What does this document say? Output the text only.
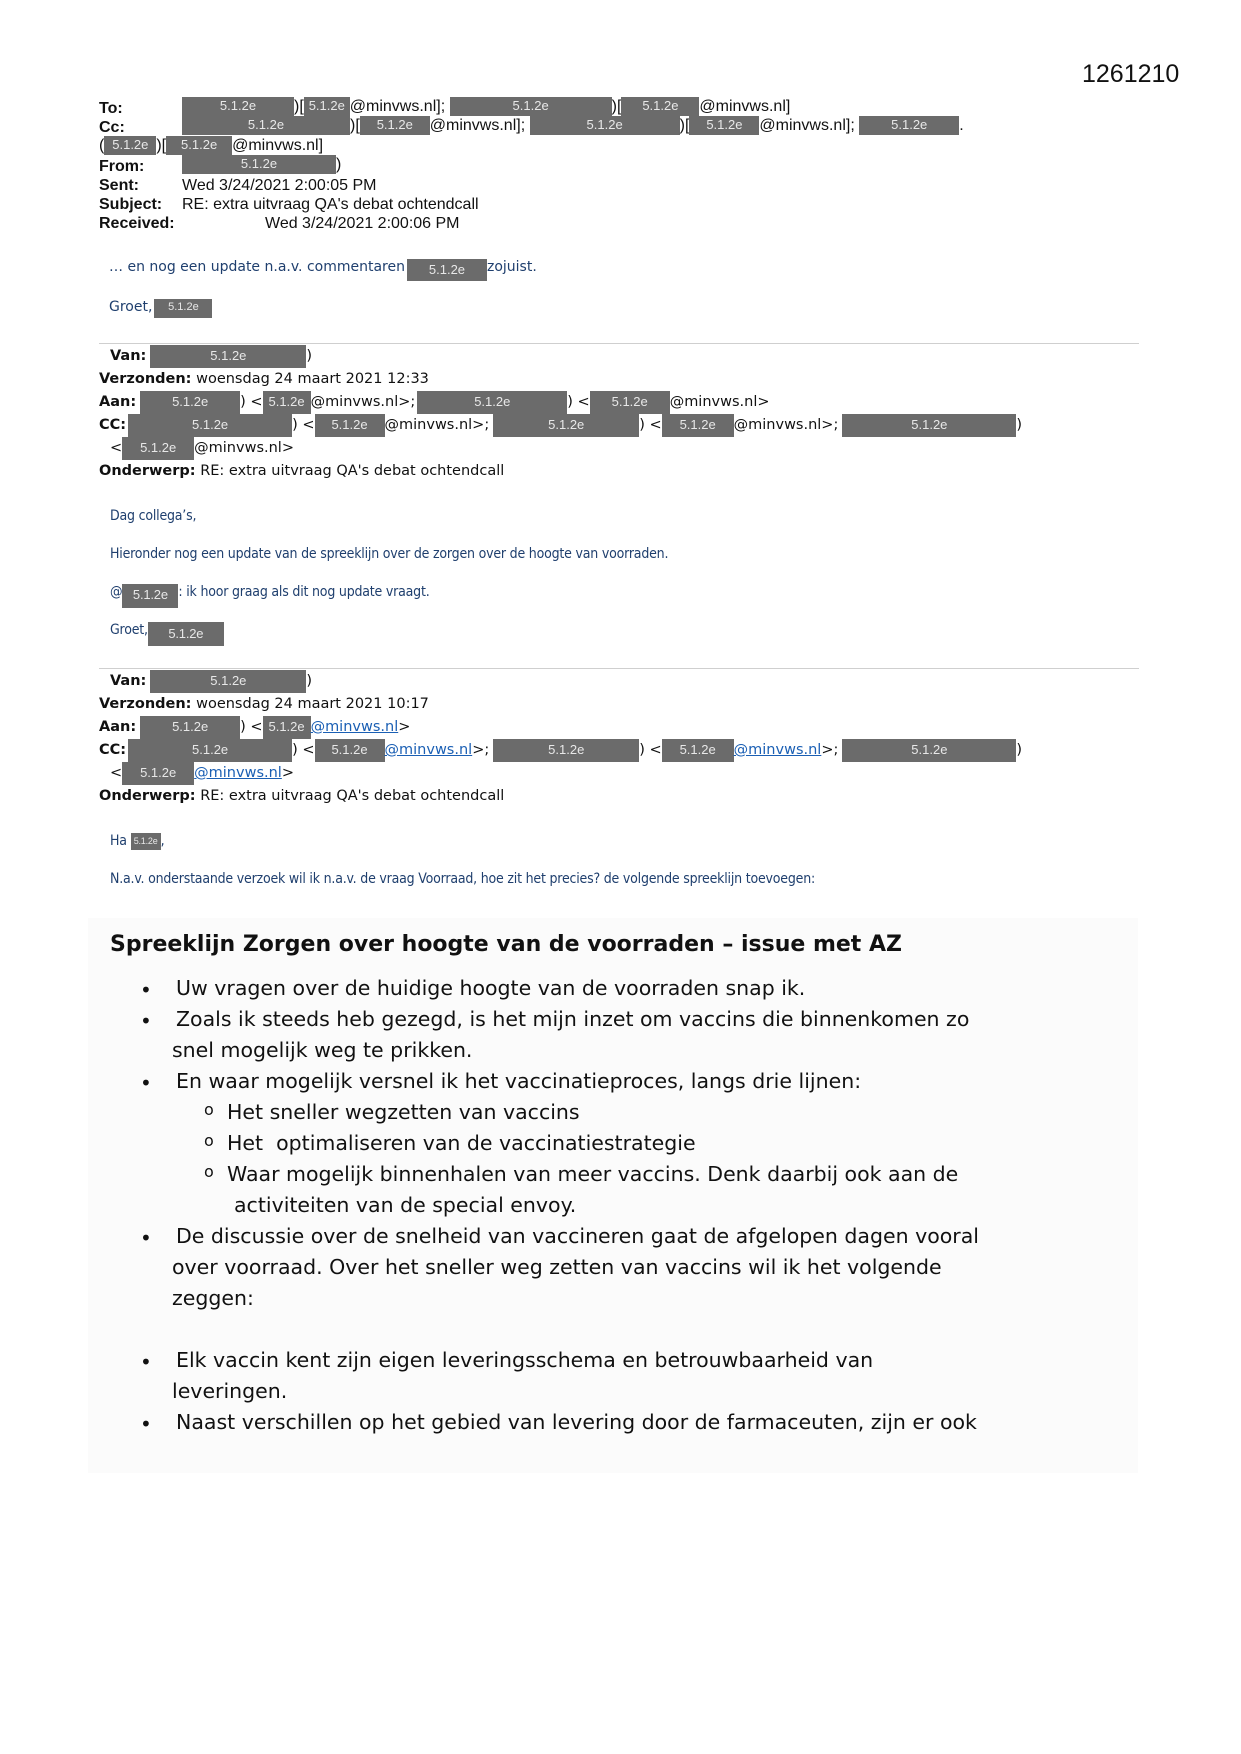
1261210
To:	5.1.2e )[ 5.1.2e @minvws.nl];	5.1.2e	)[ 5.1.2e @minvws.nl]
Cc:	5.1.2e	)[ 5.1.2e @minvws.nl];	5.1.2e	)[ 5.1.2e @minvws.nl];	5.1.2e .
( 5.1.2e )[ 5.1.2e @minvws.nl]
From:	5.1.2e	)
Sent:	Wed 3/24/2021 2:00:05 PM
Subject: RE: extra uitvraag QA's debat ochtendcall
Received:	Wed 3/24/2021 2:00:06 PM
… en nog een update n.a.v. commentaren 5.1.2e zojuist.
Groet, 5.1.2e
Van:	5.1.2e	)
Verzonden: woensdag 24 maart 2021 12:33
Aan:	5.1.2e ) < 5.1.2e @minvws.nl>;	5.1.2e	) < 5.1.2e @minvws.nl>
CC:	5.1.2e	) < 5.1.2e @minvws.nl>;	5.1.2e	) < 5.1.2e @minvws.nl>;	5.1.2e	)
< 5.1.2e @minvws.nl>
Onderwerp: RE: extra uitvraag QA's debat ochtendcall
Dag collega’s,
Hieronder nog een update van de spreeklijn over de zorgen over de hoogte van voorraden.
@ 5.1.2e : ik hoor graag als dit nog update vraagt.
Groet, 5.1.2e
Van:	5.1.2e	)
Verzonden: woensdag 24 maart 2021 10:17
Aan:	5.1.2e ) < 5.1.2e @minvws.nl>
CC:	5.1.2e	) < 5.1.2e @minvws.nl>;	5.1.2e	) < 5.1.2e @minvws.nl>;	5.1.2e	)
< 5.1.2e @minvws.nl>
Onderwerp: RE: extra uitvraag QA's debat ochtendcall
Ha 5.1.2e ,
N.a.v. onderstaande verzoek wil ik n.a.v. de vraag Voorraad, hoe zit het precies? de volgende spreeklijn toevoegen:
Spreeklijn Zorgen over hoogte van de voorraden – issue met AZ
• Uw vragen over de huidige hoogte van de voorraden snap ik.
• Zoals ik steeds heb gezegd, is het mijn inzet om vaccins die binnenkomen zo
snel mogelijk weg te prikken.
• En waar mogelijk versnel ik het vaccinatieproces, langs drie lijnen:
o Het sneller wegzetten van vaccins
o Het  optimaliseren van de vaccinatiestrategie
o Waar mogelijk binnenhalen van meer vaccins. Denk daarbij ook aan de
activiteiten van de special envoy.
• De discussie over de snelheid van vaccineren gaat de afgelopen dagen vooral
over voorraad. Over het sneller weg zetten van vaccins wil ik het volgende
zeggen:
• Elk vaccin kent zijn eigen leveringsschema en betrouwbaarheid van
leveringen.
• Naast verschillen op het gebied van levering door de farmaceuten, zijn er ook
